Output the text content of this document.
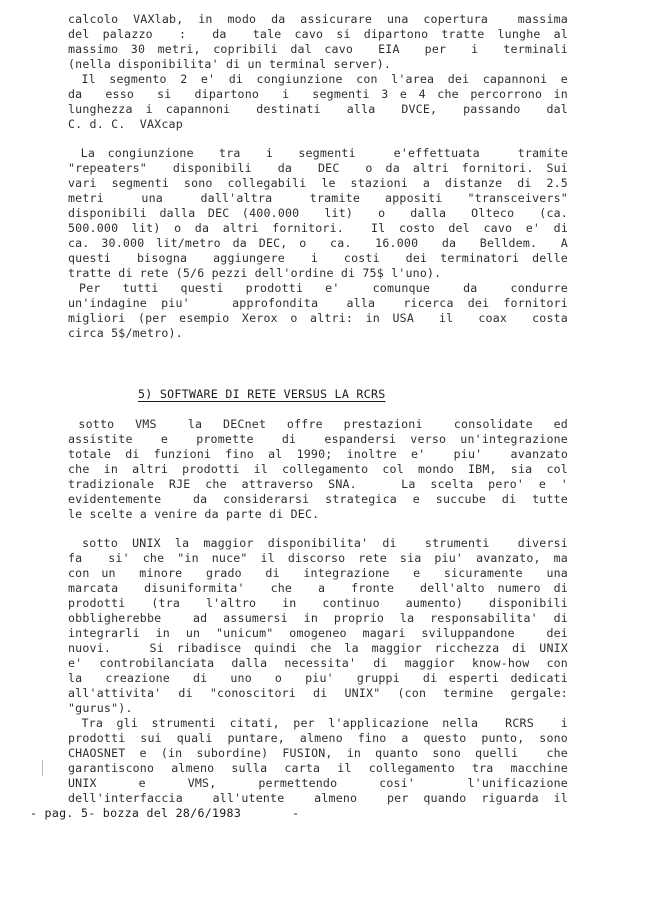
calcolo VAXlab, in modo da assicurare una copertura  massima
del palazzo  :  da  tale cavo si dipartono tratte lunghe al
massimo 30 metri, copribili dal cavo  EIA  per  i  terminali
(nella disponibilita' di un terminal server).
Il segmento 2 e' di congiunzione con l'area dei capannoni e
da  esso  si  dipartono  i  segmenti 3 e 4 che percorrono in
lunghezza i capannoni  destinati  alla  DVCE,  passando  dal
C. d. C.  VAXcap
La congiunzione  tra  i  segmenti   e'effettuata   tramite
"repeaters"  disponibili  da  DEC  o da altri fornitori. Sui
vari segmenti sono collegabili le stazioni a distanze di 2.5
metri   una   dall'altra   tramite  appositi  "transceivers"
disponibili dalla DEC (400.000  lit)  o  dalla  Olteco  (ca.
500.000 lit) o da altri fornitori.  Il costo del cavo e' di
ca. 30.000 lit/metro da DEC, o  ca.  16.000  da  Belldem.  A
questi  bisogna  aggiungere  i  costi  dei terminatori delle
tratte di rete (5/6 pezzi dell'ordine di 75$ l'uno).
Per  tutti  questi  prodotti  e'   comunque   da   condurre
un'indagine piu'   approfondita  alla  ricerca dei fornitori
migliori (per esempio Xerox o altri: in USA  il  coax  costa
circa 5$/metro).
5) SOFTWARE DI RETE VERSUS LA RCRS
sotto  VMS   la  DECnet  offre  prestazioni   consolidate  ed
assistite  e  promette  di  espandersi verso un'integrazione
totale di funzioni fino al 1990; inoltre e'  piu'  avanzato
che in altri prodotti il collegamento col mondo IBM, sia col
tradizionale RJE che attraverso SNA.   La scelta pero' e '
evidentemente  da considerarsi strategica e succube di tutte
le scelte a venire da parte di DEC.
sotto UNIX la maggior disponibilita' di  strumenti  diversi
fa  si' che "in nuce" il discorso rete sia piu' avanzato, ma
con un  minore  grado  di  integrazione  e  sicuramente  una
marcata  disuniformita'  che  a  fronte  dell'alto numero di
prodotti  (tra  l'altro  in  continuo  aumento)  disponibili
obbligherebbe  ad assumersi in proprio la responsabilita' di
integrarli in un "unicum" omogeneo magari sviluppandone  dei
nuovi.   Si ribadisce quindi che la maggior ricchezza di UNIX
e' controbilanciata dalla necessita' di maggior know-how con
la  creazione  di  uno  o  piu'  gruppi  di esperti dedicati
all'attivita' di "conoscitori di UNIX" (con termine gergale:
"gurus").
Tra gli strumenti citati, per l'applicazione nella  RCRS  i
prodotti sui quali puntare, almeno fino a questo punto, sono
CHAOSNET e (in subordine) FUSION, in quanto sono quelli  che
garantiscono almeno sulla carta il collegamento tra macchine
UNIX    e    VMS,    permettendo    cosi'     l'unificazione
dell'interfaccia  all'utente  almeno  per quando riguarda il
- pag. 5- bozza del 28/6/1983       -
